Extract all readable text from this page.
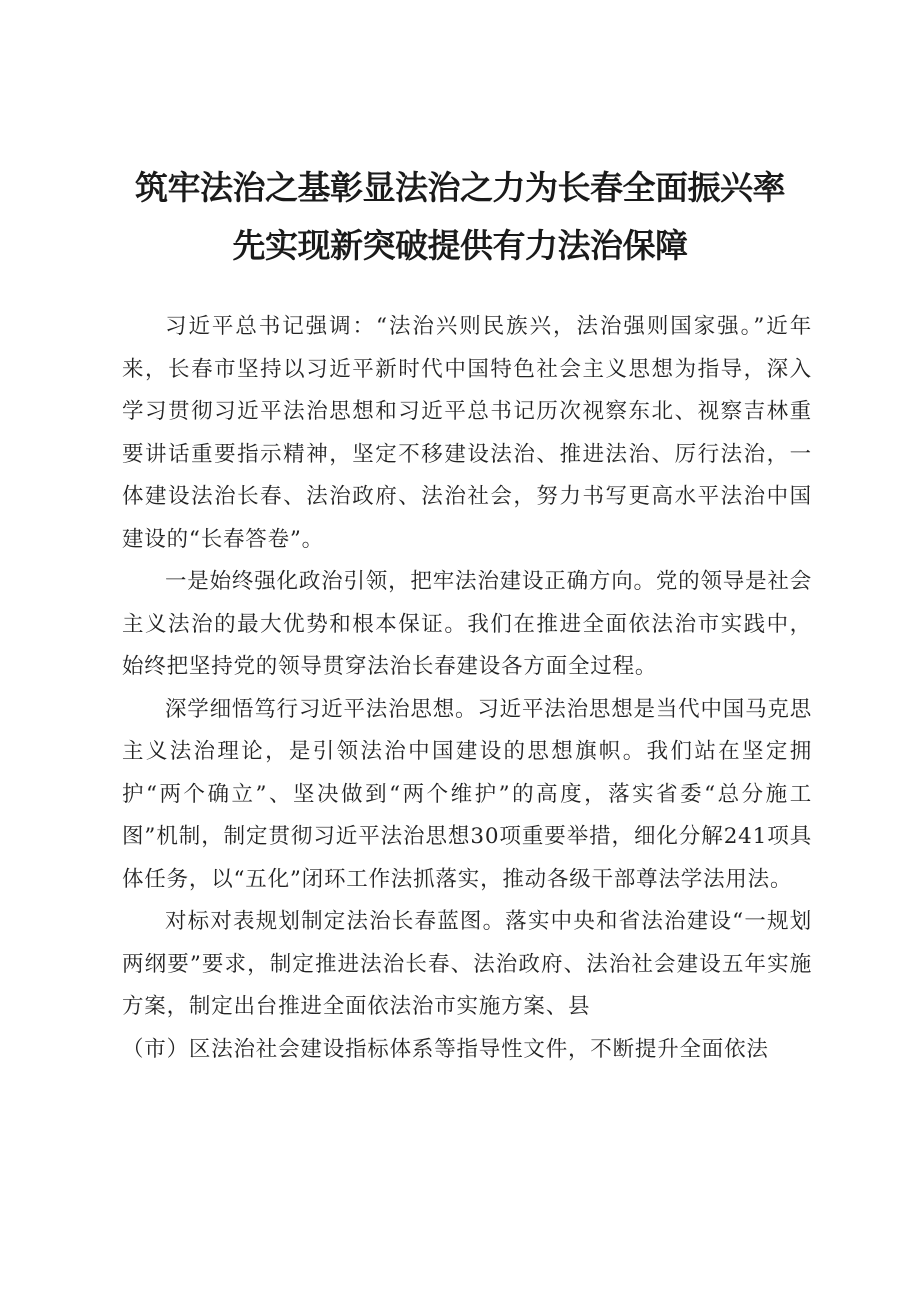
筑牢法治之基彰显法治之力为长春全面振兴率
先实现新突破提供有力法治保障

习近平总书记强调：“法治兴则民族兴，法治强则国家强。”近年来，长春市坚持以习近平新时代中国特色社会主义思想为指导，深入学习贯彻习近平法治思想和习近平总书记历次视察东北、视察吉林重要讲话重要指示精神，坚定不移建设法治、推进法治、厉行法治，一体建设法治长春、法治政府、法治社会，努力书写更高水平法治中国建设的“长春答卷”。

一是始终强化政治引领，把牢法治建设正确方向。党的领导是社会主义法治的最大优势和根本保证。我们在推进全面依法治市实践中，始终把坚持党的领导贯穿法治长春建设各方面全过程。

深学细悟笃行习近平法治思想。习近平法治思想是当代中国马克思主义法治理论，是引领法治中国建设的思想旗帜。我们站在坚定拥护“两个确立”、坚决做到“两个维护”的高度，落实省委“总分施工图”机制，制定贯彻习近平法治思想30项重要举措，细化分解241项具体任务，以“五化”闭环工作法抓落实，推动各级干部尊法学法用法。

对标对表规划制定法治长春蓝图。落实中央和省法治建设“一规划两纲要”要求，制定推进法治长春、法治政府、法治社会建设五年实施方案，制定出台推进全面依法治市实施方案、县

（市）区法治社会建设指标体系等指导性文件，不断提升全面依法
